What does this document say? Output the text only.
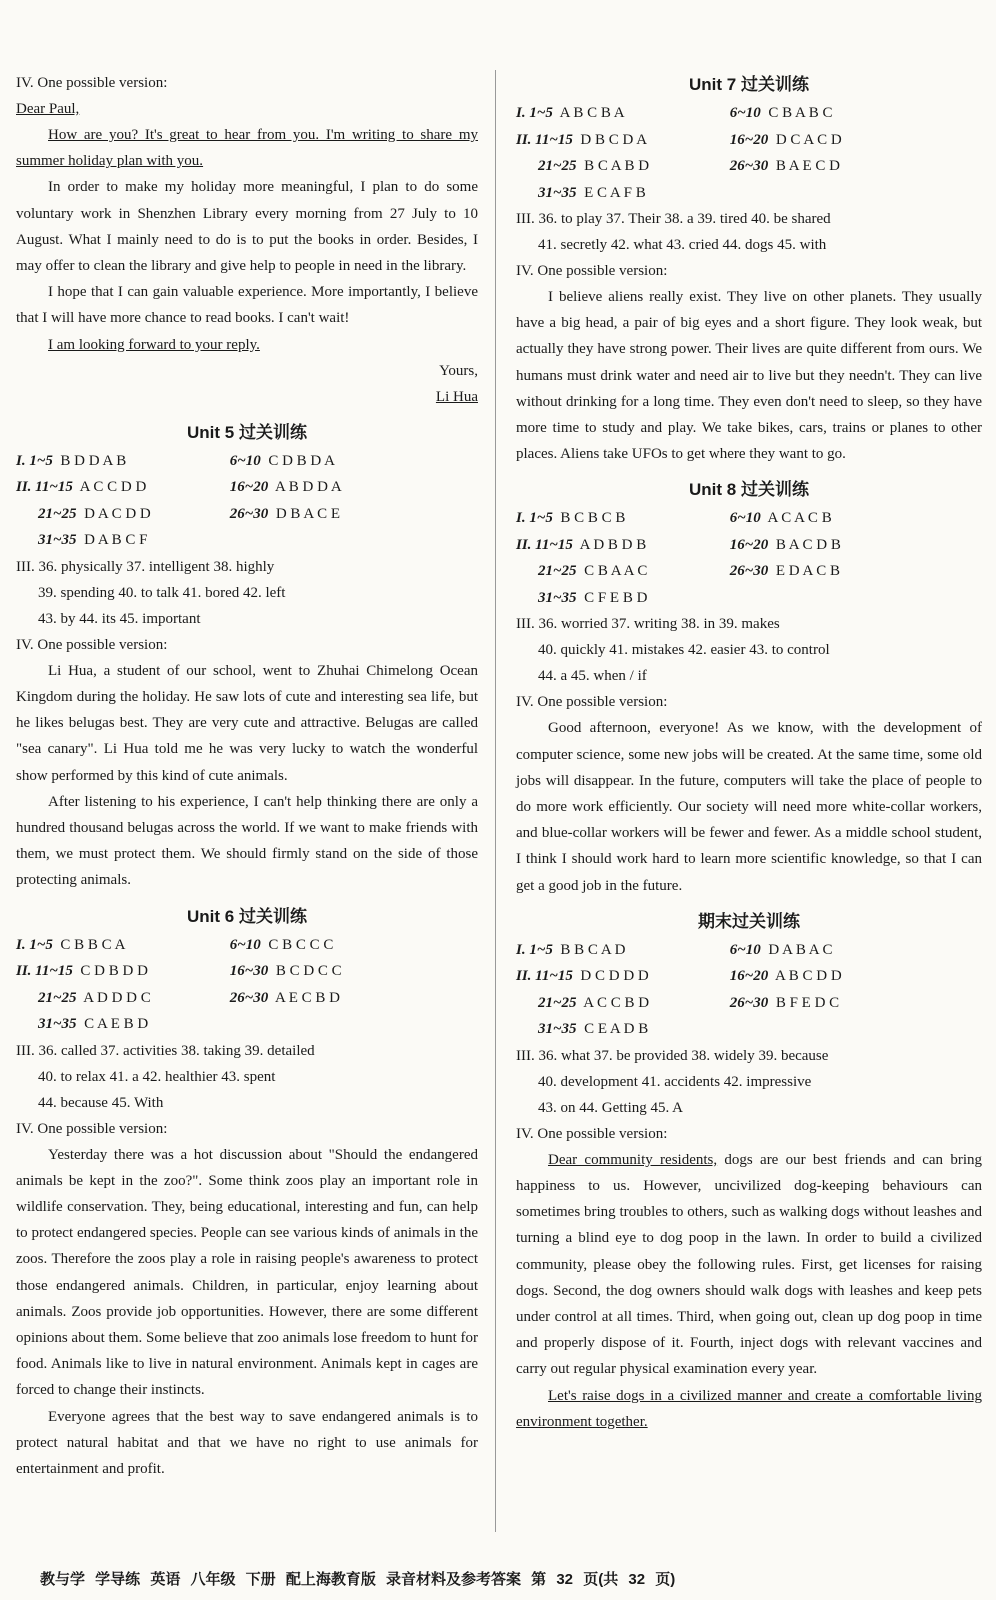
IV. One possible version:
Dear Paul,

How are you? It's great to hear from you. I'm writing to share my summer holiday plan with you.

In order to make my holiday more meaningful, I plan to do some voluntary work in Shenzhen Library every morning from 27 July to 10 August. What I mainly need to do is to put the books in order. Besides, I may offer to clean the library and give help to people in need in the library.

I hope that I can gain valuable experience. More importantly, I believe that I will have more chance to read books. I can't wait!

I am looking forward to your reply.

Yours,
Li Hua
Unit 5 过关训练
I. 1~5 B D D A B	6~10 C D B D A
II. 11~15 A C C D D	16~20 A B D D A
21~25 D A C D D	26~30 D B A C E
31~35 D A B C F
III. 36. physically 37. intelligent 38. highly
39. spending 40. to talk 41. bored 42. left
43. by 44. its 45. important
IV. One possible version:

Li Hua, a student of our school, went to Zhuhai Chimelong Ocean Kingdom during the holiday. He saw lots of cute and interesting sea life, but he likes belugas best. They are very cute and attractive. Belugas are called "sea canary". Li Hua told me he was very lucky to watch the wonderful show performed by this kind of cute animals.

After listening to his experience, I can't help thinking there are only a hundred thousand belugas across the world. If we want to make friends with them, we must protect them. We should firmly stand on the side of those protecting animals.

Unit 6 过关训练
I. 1~5 C B B C A	6~10 C B C C C
II. 11~15 C D B D D	16~30 B C D C C
21~25 A D D D C	26~30 A E C B D
31~35 C A E B D
III. 36. called 37. activities 38. taking 39. detailed
40. to relax 41. a 42. healthier 43. spent
44. because 45. With
IV. One possible version:

Yesterday there was a hot discussion about "Should the endangered animals be kept in the zoo?". Some think zoos play an important role in wildlife conservation. They, being educational, interesting and fun, can help to protect endangered species. People can see various kinds of animals in the zoos. Therefore the zoos play a role in raising people's awareness to protect those endangered animals. Children, in particular, enjoy learning about animals. Zoos provide job opportunities. However, there are some different opinions about them. Some believe that zoo animals lose freedom to hunt for food. Animals like to live in natural environment. Animals kept in cages are forced to change their instincts.

Everyone agrees that the best way to save endangered animals is to protect natural habitat and that we have no right to use animals for entertainment and profit.

Unit 7 过关训练
I. 1~5 A B C B A	6~10 C B A B C
II. 11~15 D B C D A	16~20 D C A C D
21~25 B C A B D	26~30 B A E C D
31~35 E C A F B
III. 36. to play 37. Their 38. a 39. tired 40. be shared
41. secretly 42. what 43. cried 44. dogs 45. with
IV. One possible version:

I believe aliens really exist. They live on other planets. They usually have a big head, a pair of big eyes and a short figure. They look weak, but actually they have strong power. Their lives are quite different from ours. We humans must drink water and need air to live but they needn't. They can live without drinking for a long time. They even don't need to sleep, so they have more time to study and play. We take bikes, cars, trains or planes to other places. Aliens take UFOs to get where they want to go.

Unit 8 过关训练
I. 1~5 B C B C B	6~10 A C A C B
II. 11~15 A D B D B	16~20 B A C D B
21~25 C B A A C	26~30 E D A C B
31~35 C F E B D
III. 36. worried 37. writing 38. in 39. makes
40. quickly 41. mistakes 42. easier 43. to control
44. a 45. when / if
IV. One possible version:

Good afternoon, everyone! As we know, with the development of computer science, some new jobs will be created. At the same time, some old jobs will disappear. In the future, computers will take the place of people to do more work efficiently. Our society will need more white-collar workers, and blue-collar workers will be fewer and fewer. As a middle school student, I think I should work hard to learn more scientific knowledge, so that I can get a good job in the future.

期末过关训练
I. 1~5 B B C A D	6~10 D A B A C
II. 11~15 D C D D D	16~20 A B C D D
21~25 A C C B D	26~30 B F E D C
31~35 C E A D B
III. 36. what 37. be provided 38. widely 39. because
40. development 41. accidents 42. impressive
43. on 44. Getting 45. A
IV. One possible version:

Dear community residents, dogs are our best friends and can bring happiness to us. However, uncivilized dog-keeping behaviours can sometimes bring troubles to others, such as walking dogs without leashes and turning a blind eye to dog poop in the lawn. In order to build a civilized community, please obey the following rules. First, get licenses for raising dogs. Second, the dog owners should walk dogs with leashes and keep pets under control at all times. Third, when going out, clean up dog poop in time and properly dispose of it. Fourth, inject dogs with relevant vaccines and carry out regular physical examination every year.

Let's raise dogs in a civilized manner and create a comfortable living environment together.

教与学 学导练 英语 八年级 下册 配上海教育版 录音材料及参考答案 第 32 页(共 32 页)
